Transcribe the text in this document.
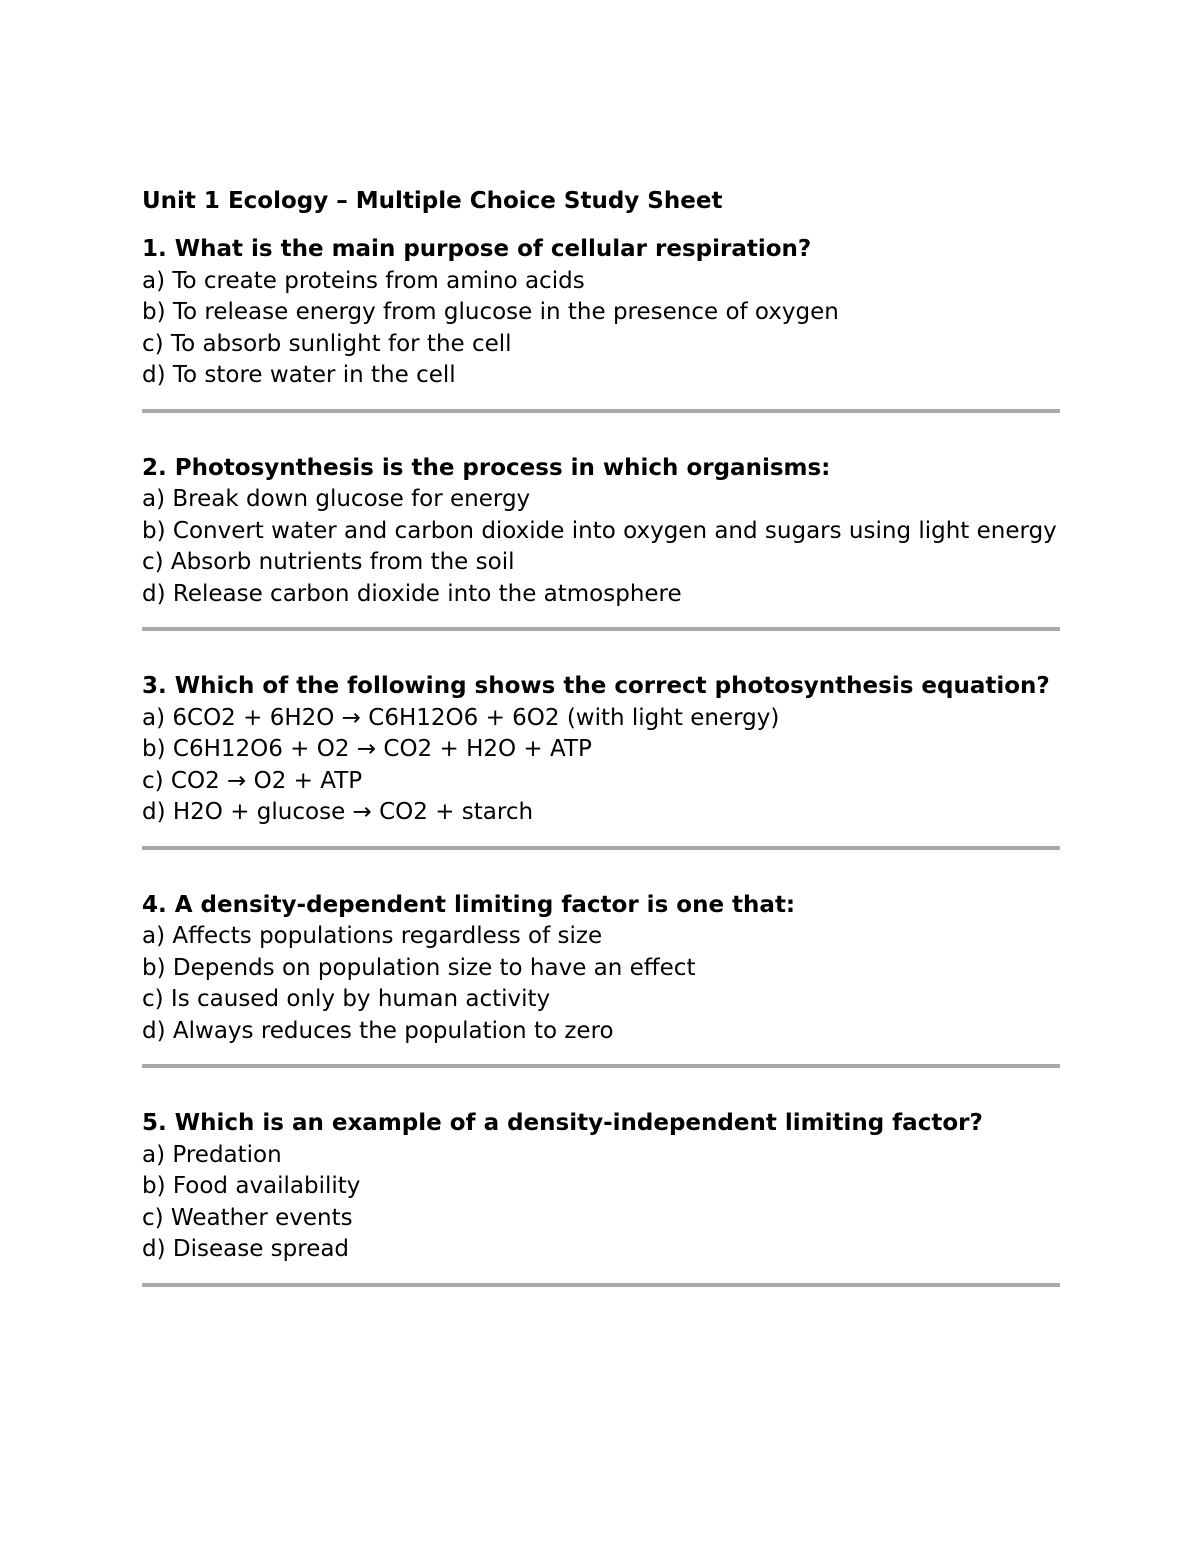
Unit 1 Ecology – Multiple Choice Study Sheet
1. What is the main purpose of cellular respiration?
a) To create proteins from amino acids
b) To release energy from glucose in the presence of oxygen
c) To absorb sunlight for the cell
d) To store water in the cell
2. Photosynthesis is the process in which organisms:
a) Break down glucose for energy
b) Convert water and carbon dioxide into oxygen and sugars using light energy
c) Absorb nutrients from the soil
d) Release carbon dioxide into the atmosphere
3. Which of the following shows the correct photosynthesis equation?
a) 6CO2 + 6H2O → C6H12O6 + 6O2 (with light energy)
b) C6H12O6 + O2 → CO2 + H2O + ATP
c) CO2 → O2 + ATP
d) H2O + glucose → CO2 + starch
4. A density-dependent limiting factor is one that:
a) Affects populations regardless of size
b) Depends on population size to have an effect
c) Is caused only by human activity
d) Always reduces the population to zero
5. Which is an example of a density-independent limiting factor?
a) Predation
b) Food availability
c) Weather events
d) Disease spread
